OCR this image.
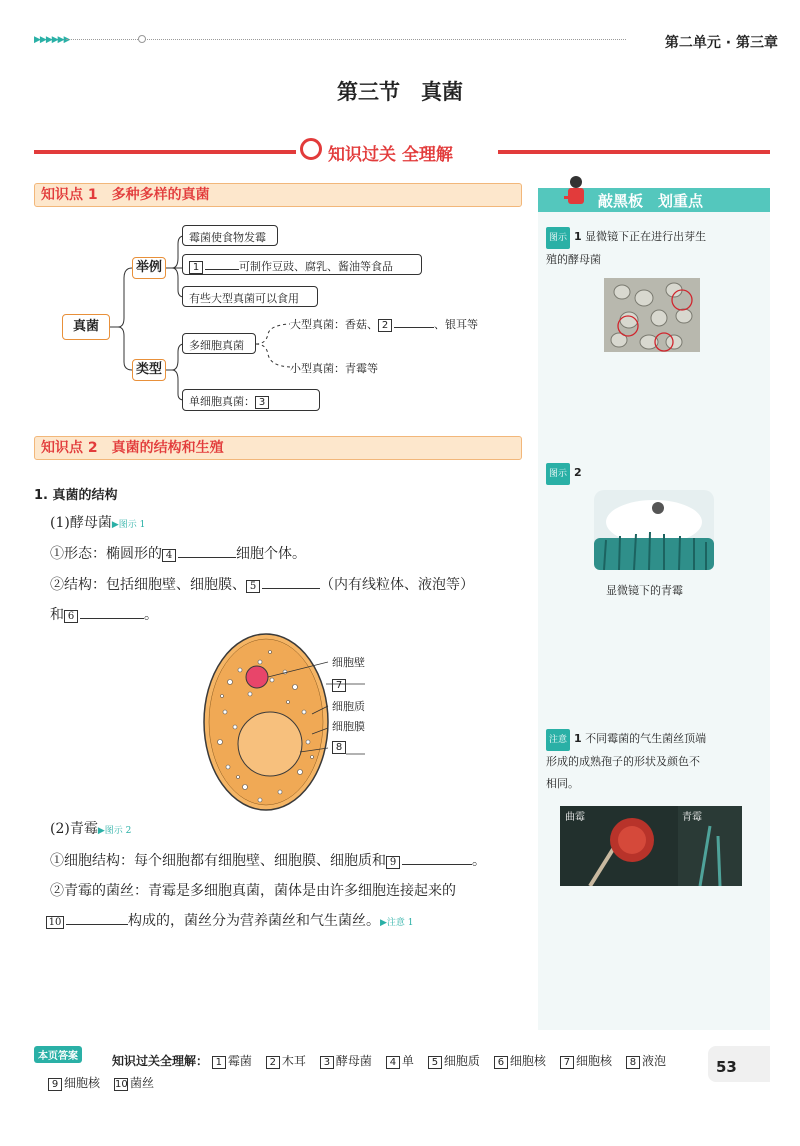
▶▶▶▶▶▶	第二单元 · 第三章
第三节　真菌
知识过关 全理解
知识点 1　多种多样的真菌
真菌
举例
类型
霉菌使食物发霉
1	可制作豆豉、腐乳、酱油等食品
有些大型真菌可以食用
多细胞真菌
大型真菌：香菇、 2	、银耳等
小型真菌：青霉等
单细胞真菌： 3
知识点 2　真菌的结构和生殖
1. 真菌的结构
(1)酵母菌▶图示 1
①形态：椭圆形的 4	细胞个体。
②结构：包括细胞壁、细胞膜、 5	（内有线粒体、液泡等）
和 6	。
细胞壁
7
细胞质
细胞膜
8
(2)青霉▶图示 2
①细胞结构：每个细胞都有细胞壁、细胞膜、细胞质和 9	。
②青霉的菌丝：青霉是多细胞真菌，菌体是由许多细胞连接起来的
10	构成的，菌丝分为营养菌丝和气生菌丝。▶注意 1
敲黑板　划重点
图示 1 显微镜下正在进行出芽生
殖的酵母菌
图示 2
显微镜下的青霉
注意 1 不同霉菌的气生菌丝顶端
形成的成熟孢子的形状及颜色不
相同。
曲霉	青霉
本页答案	知识过关全理解： 1 霉菌 2 木耳 3 酵母菌 4 单 5 细胞质 6 细胞核 7 细胞核 8 液泡
9 细胞核 10 菌丝
53
